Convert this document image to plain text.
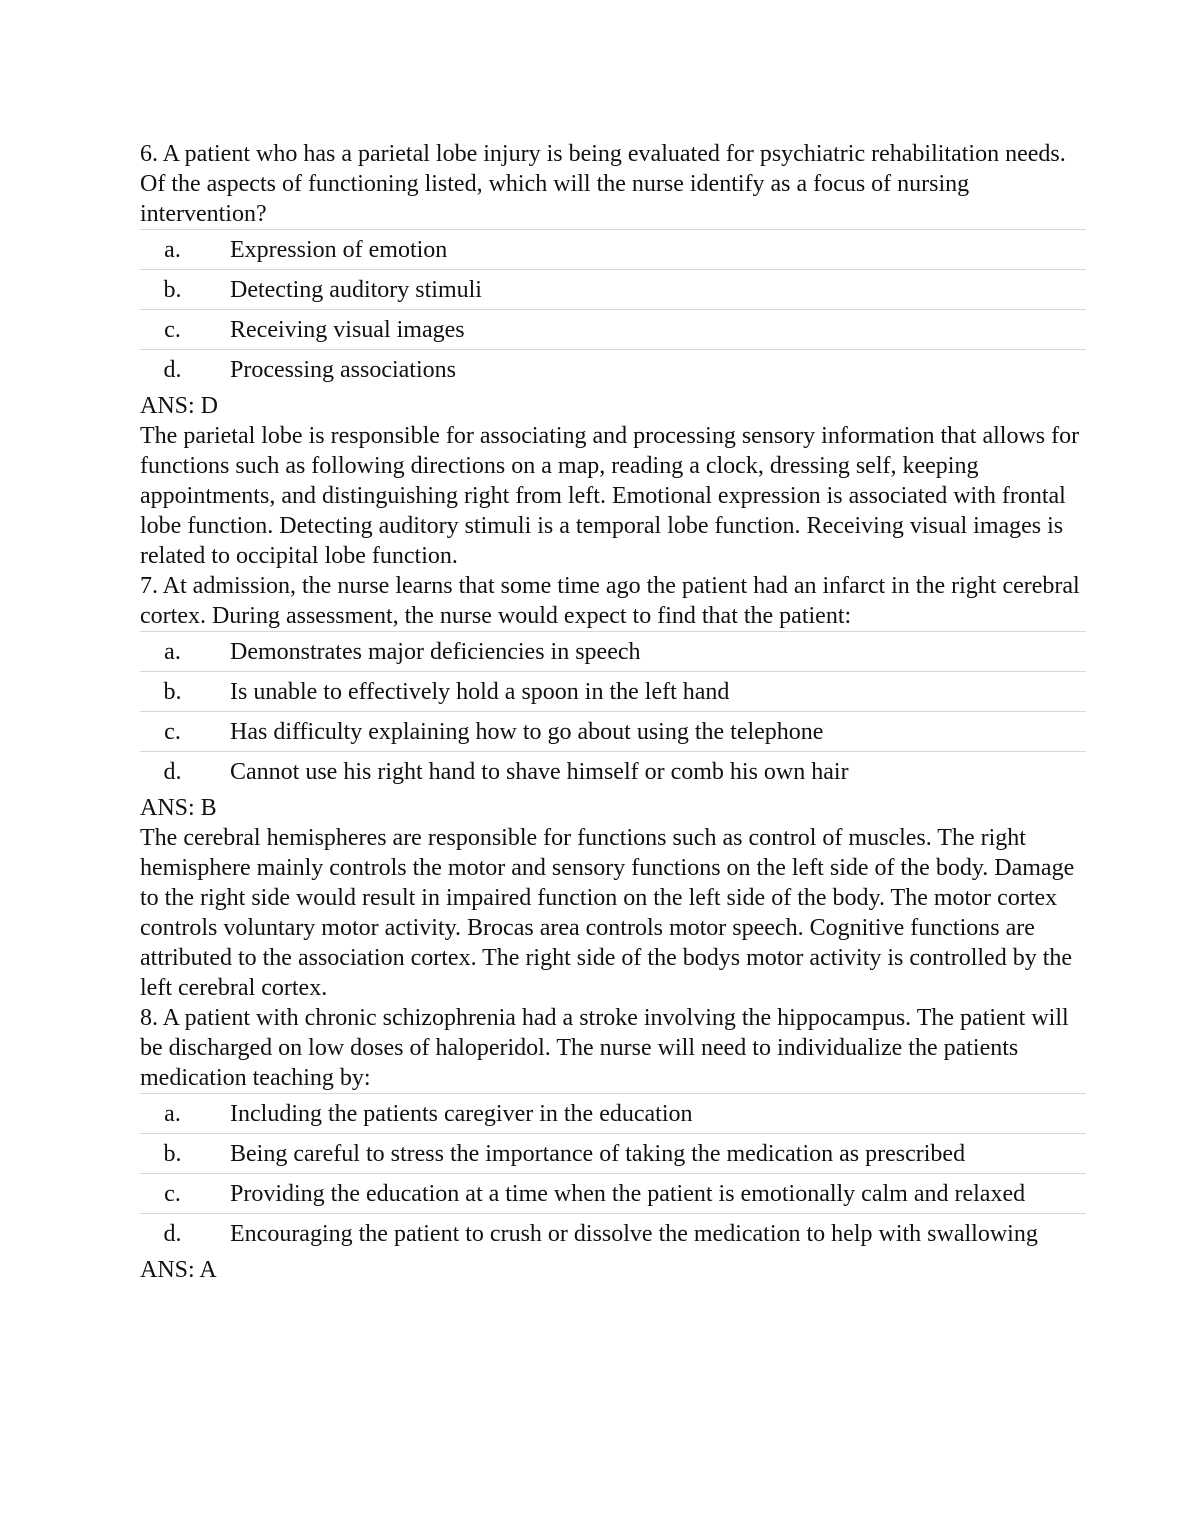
6. A patient who has a parietal lobe injury is being evaluated for psychiatric rehabilitation needs. Of the aspects of functioning listed, which will the nurse identify as a focus of nursing intervention?

a.	Expression of emotion
b.	Detecting auditory stimuli
c.	Receiving visual images
d.	Processing associations

ANS: D

The parietal lobe is responsible for associating and processing sensory information that allows for functions such as following directions on a map, reading a clock, dressing self, keeping appointments, and distinguishing right from left. Emotional expression is associated with frontal lobe function. Detecting auditory stimuli is a temporal lobe function. Receiving visual images is related to occipital lobe function.

7. At admission, the nurse learns that some time ago the patient had an infarct in the right cerebral cortex. During assessment, the nurse would expect to find that the patient:

a.	Demonstrates major deficiencies in speech
b.	Is unable to effectively hold a spoon in the left hand
c.	Has difficulty explaining how to go about using the telephone
d.	Cannot use his right hand to shave himself or comb his own hair

ANS: B

The cerebral hemispheres are responsible for functions such as control of muscles. The right hemisphere mainly controls the motor and sensory functions on the left side of the body. Damage to the right side would result in impaired function on the left side of the body. The motor cortex controls voluntary motor activity. Brocas area controls motor speech. Cognitive functions are attributed to the association cortex. The right side of the bodys motor activity is controlled by the left cerebral cortex.

8. A patient with chronic schizophrenia had a stroke involving the hippocampus. The patient will be discharged on low doses of haloperidol. The nurse will need to individualize the patients medication teaching by:

a.	Including the patients caregiver in the education
b.	Being careful to stress the importance of taking the medication as prescribed
c.	Providing the education at a time when the patient is emotionally calm and relaxed
d.	Encouraging the patient to crush or dissolve the medication to help with swallowing

ANS: A
